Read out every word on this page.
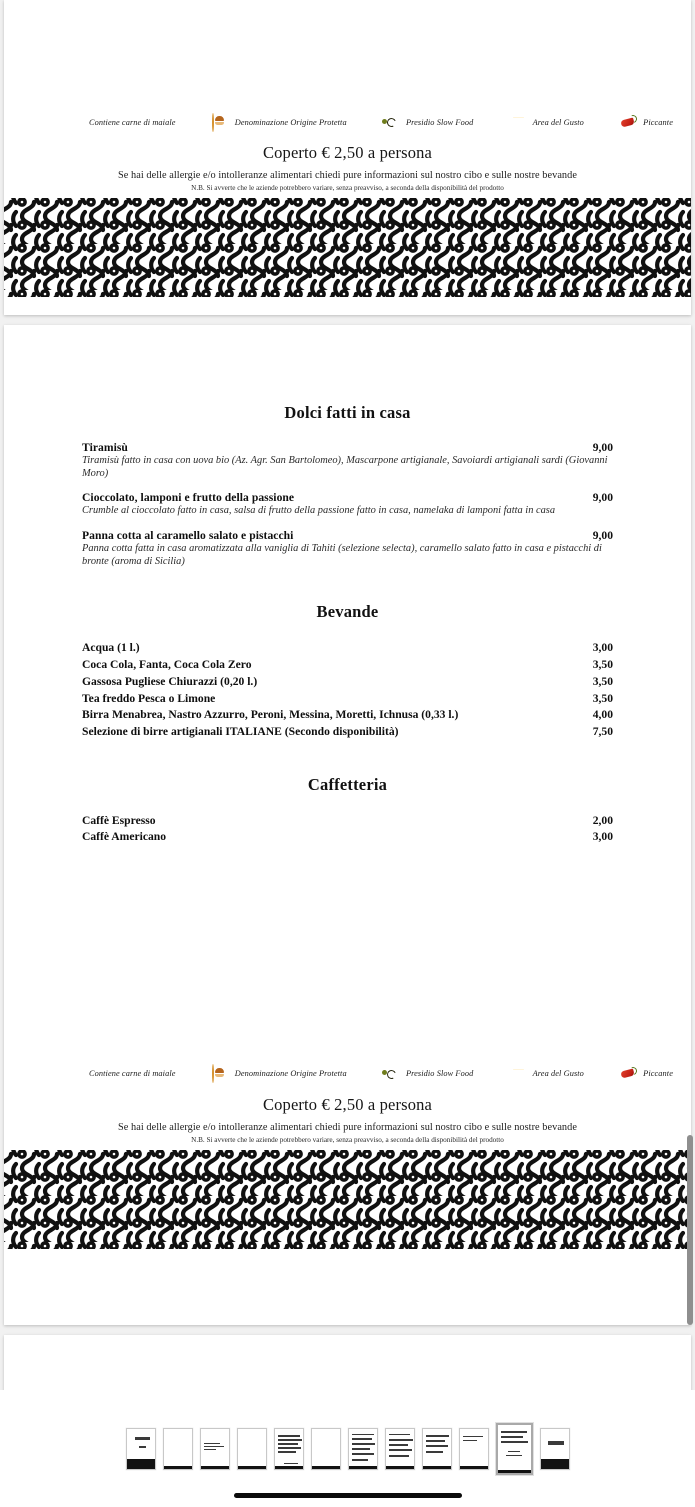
Contiene carne di maiale	Denominazione Origine Protetta	Presidio Slow Food	Area del Gusto	Piccante
Coperto € 2,50 a persona
Se hai delle allergie e/o intolleranze alimentari chiedi pure informazioni sul nostro cibo e sulle nostre bevande
N.B. Si avverte che le aziende potrebbero variare, senza preavviso, a seconda della disponibilità del prodotto
Dolci fatti in casa
Tiramisù	9,00
Tiramisù fatto in casa con uova bio (Az. Agr. San Bartolomeo), Mascarpone artigianale, Savoiardi artigianali sardi (Giovanni Moro)
Cioccolato, lamponi e frutto della passione	9,00
Crumble al cioccolato fatto in casa, salsa di frutto della passione fatto in casa, namelaka di lamponi fatta in casa
Panna cotta al caramello salato e pistacchi	9,00
Panna cotta fatta in casa aromatizzata alla vaniglia di Tahiti (selezione selecta), caramello salato fatto in casa e pistacchi di bronte (aroma di Sicilia)
Bevande
Acqua (1 l.)	3,00
Coca Cola, Fanta, Coca Cola Zero	3,50
Gassosa Pugliese Chiurazzi (0,20 l.)	3,50
Tea freddo Pesca o Limone	3,50
Birra Menabrea, Nastro Azzurro, Peroni, Messina, Moretti, Ichnusa (0,33 l.)	4,00
Selezione di birre artigianali ITALIANE (Secondo disponibilità)	7,50
Caffetteria
Caffè Espresso	2,00
Caffè Americano	3,00
Contiene carne di maiale	Denominazione Origine Protetta	Presidio Slow Food	Area del Gusto	Piccante
Coperto € 2,50 a persona
Se hai delle allergie e/o intolleranze alimentari chiedi pure informazioni sul nostro cibo e sulle nostre bevande
N.B. Si avverte che le aziende potrebbero variare, senza preavviso, a seconda della disponibilità del prodotto
